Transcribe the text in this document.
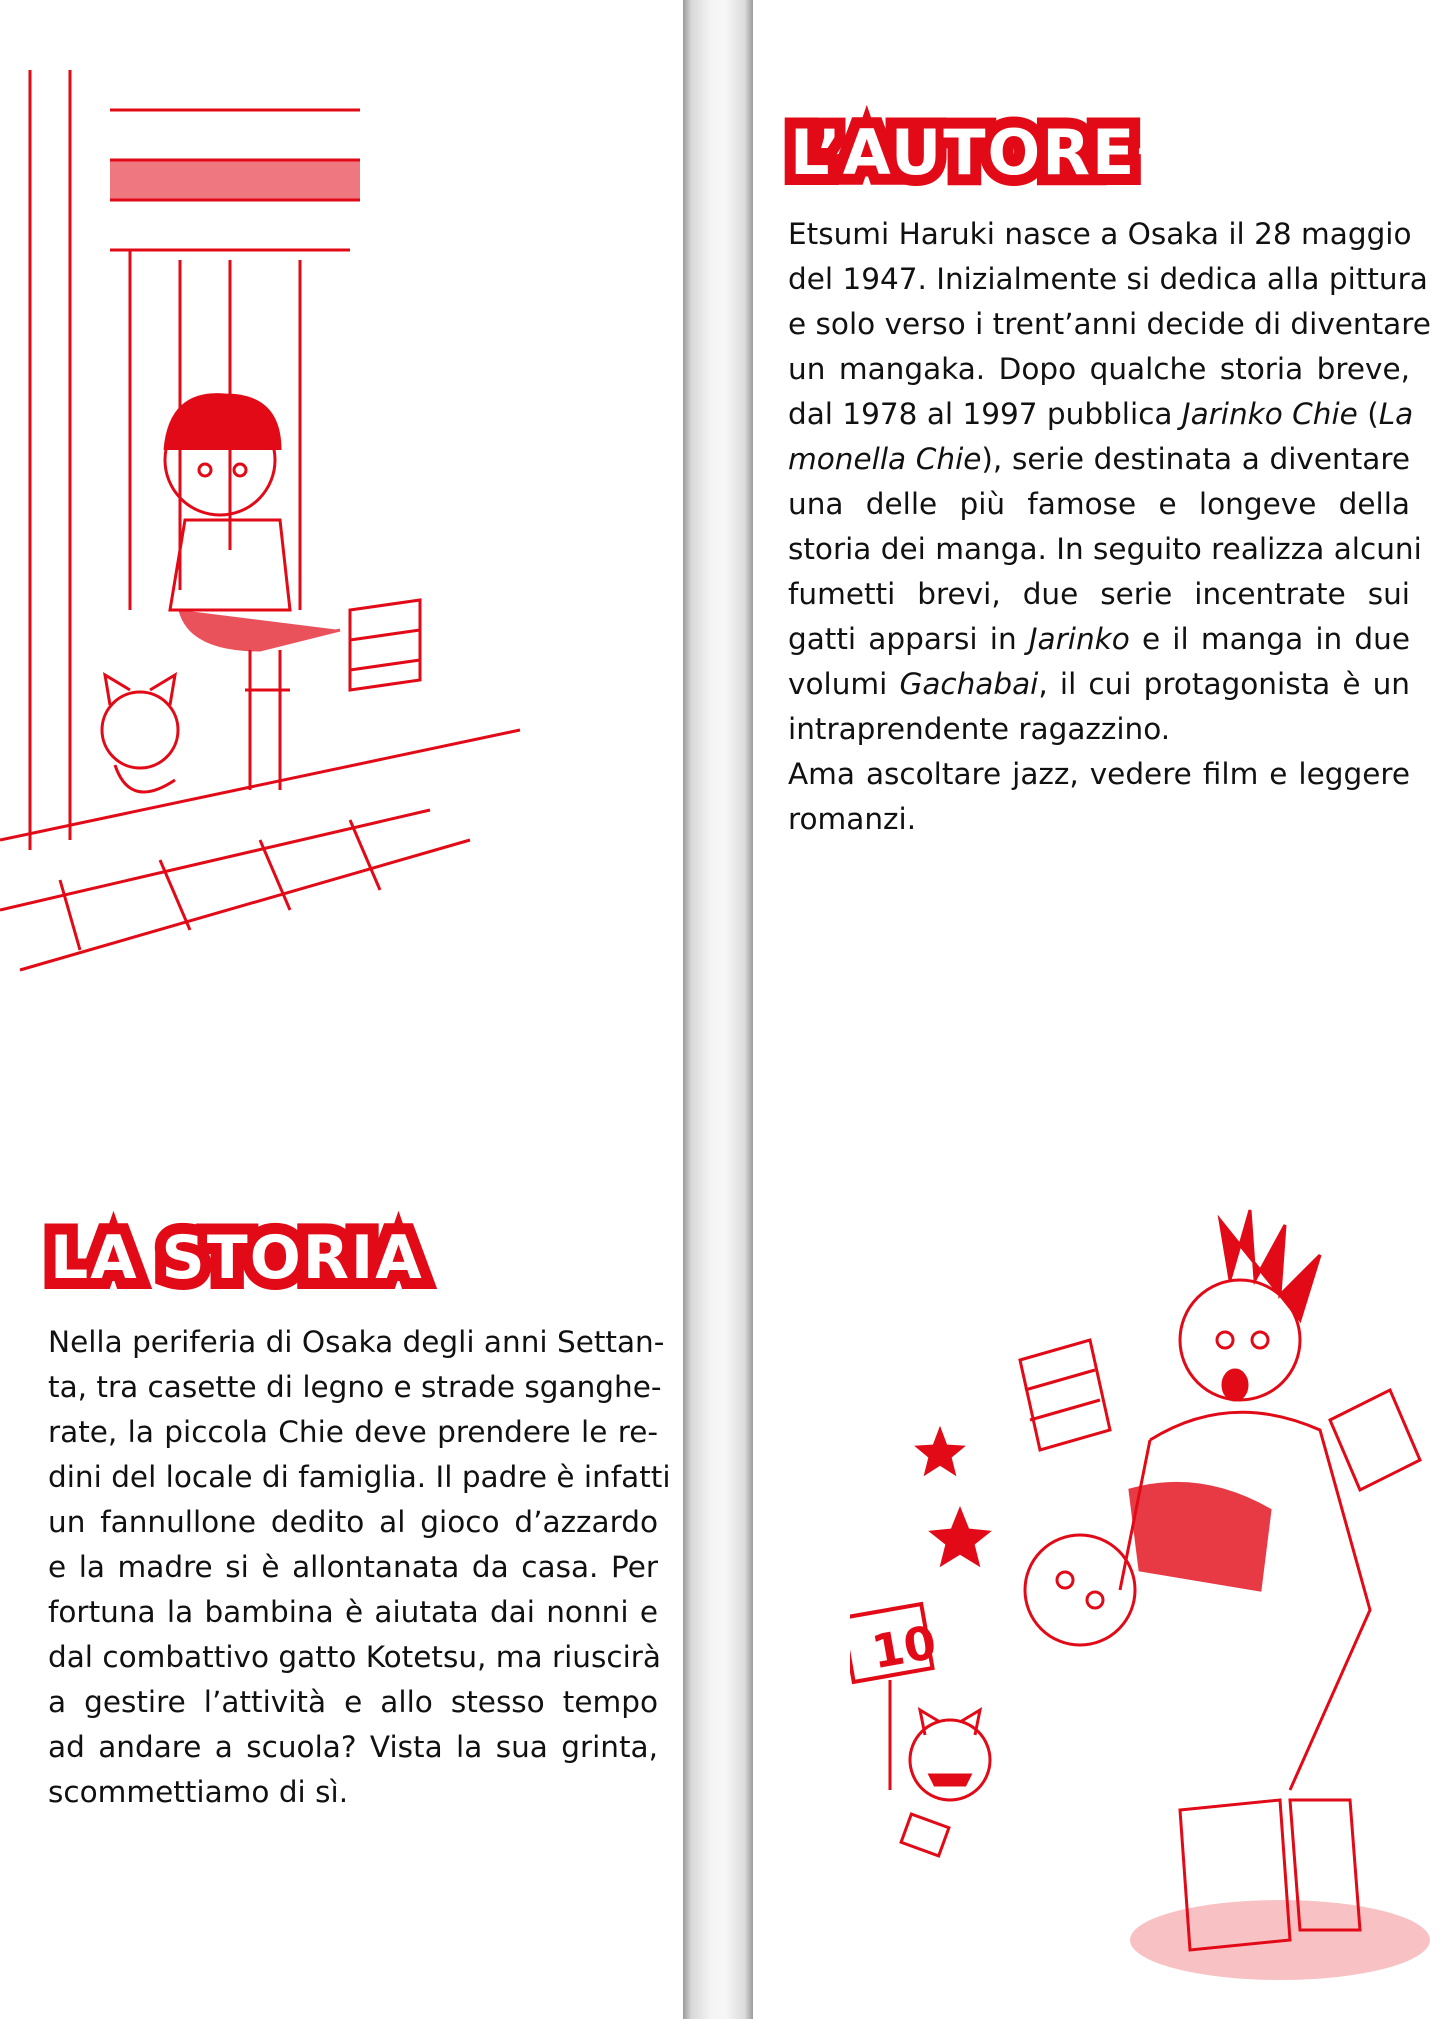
L’AUTORE
Etsumi Haruki nasce a Osaka il 28 maggio
del 1947. Inizialmente si dedica alla pittura
e solo verso i trent’anni decide di diventare
un mangaka. Dopo qualche storia breve,
dal 1978 al 1997 pubblica Jarinko Chie (La
monella Chie), serie destinata a diventare
una delle più famose e longeve della
storia dei manga. In seguito realizza alcuni
fumetti brevi, due serie incentrate sui
gatti apparsi in Jarinko e il manga in due
volumi Gachabai, il cui protagonista è un
intraprendente ragazzino.
Ama ascoltare jazz, vedere film e leggere
romanzi.
LA STORIA
Nella periferia di Osaka degli anni Settan-
ta, tra casette di legno e strade sganghe-
rate, la piccola Chie deve prendere le re-
dini del locale di famiglia. Il padre è infatti
un fannullone dedito al gioco d’azzardo
e la madre si è allontanata da casa. Per
fortuna la bambina è aiutata dai nonni e
dal combattivo gatto Kotetsu, ma riuscirà
a gestire l’attività e allo stesso tempo
ad andare a scuola? Vista la sua grinta,
scommettiamo di sì.
10
